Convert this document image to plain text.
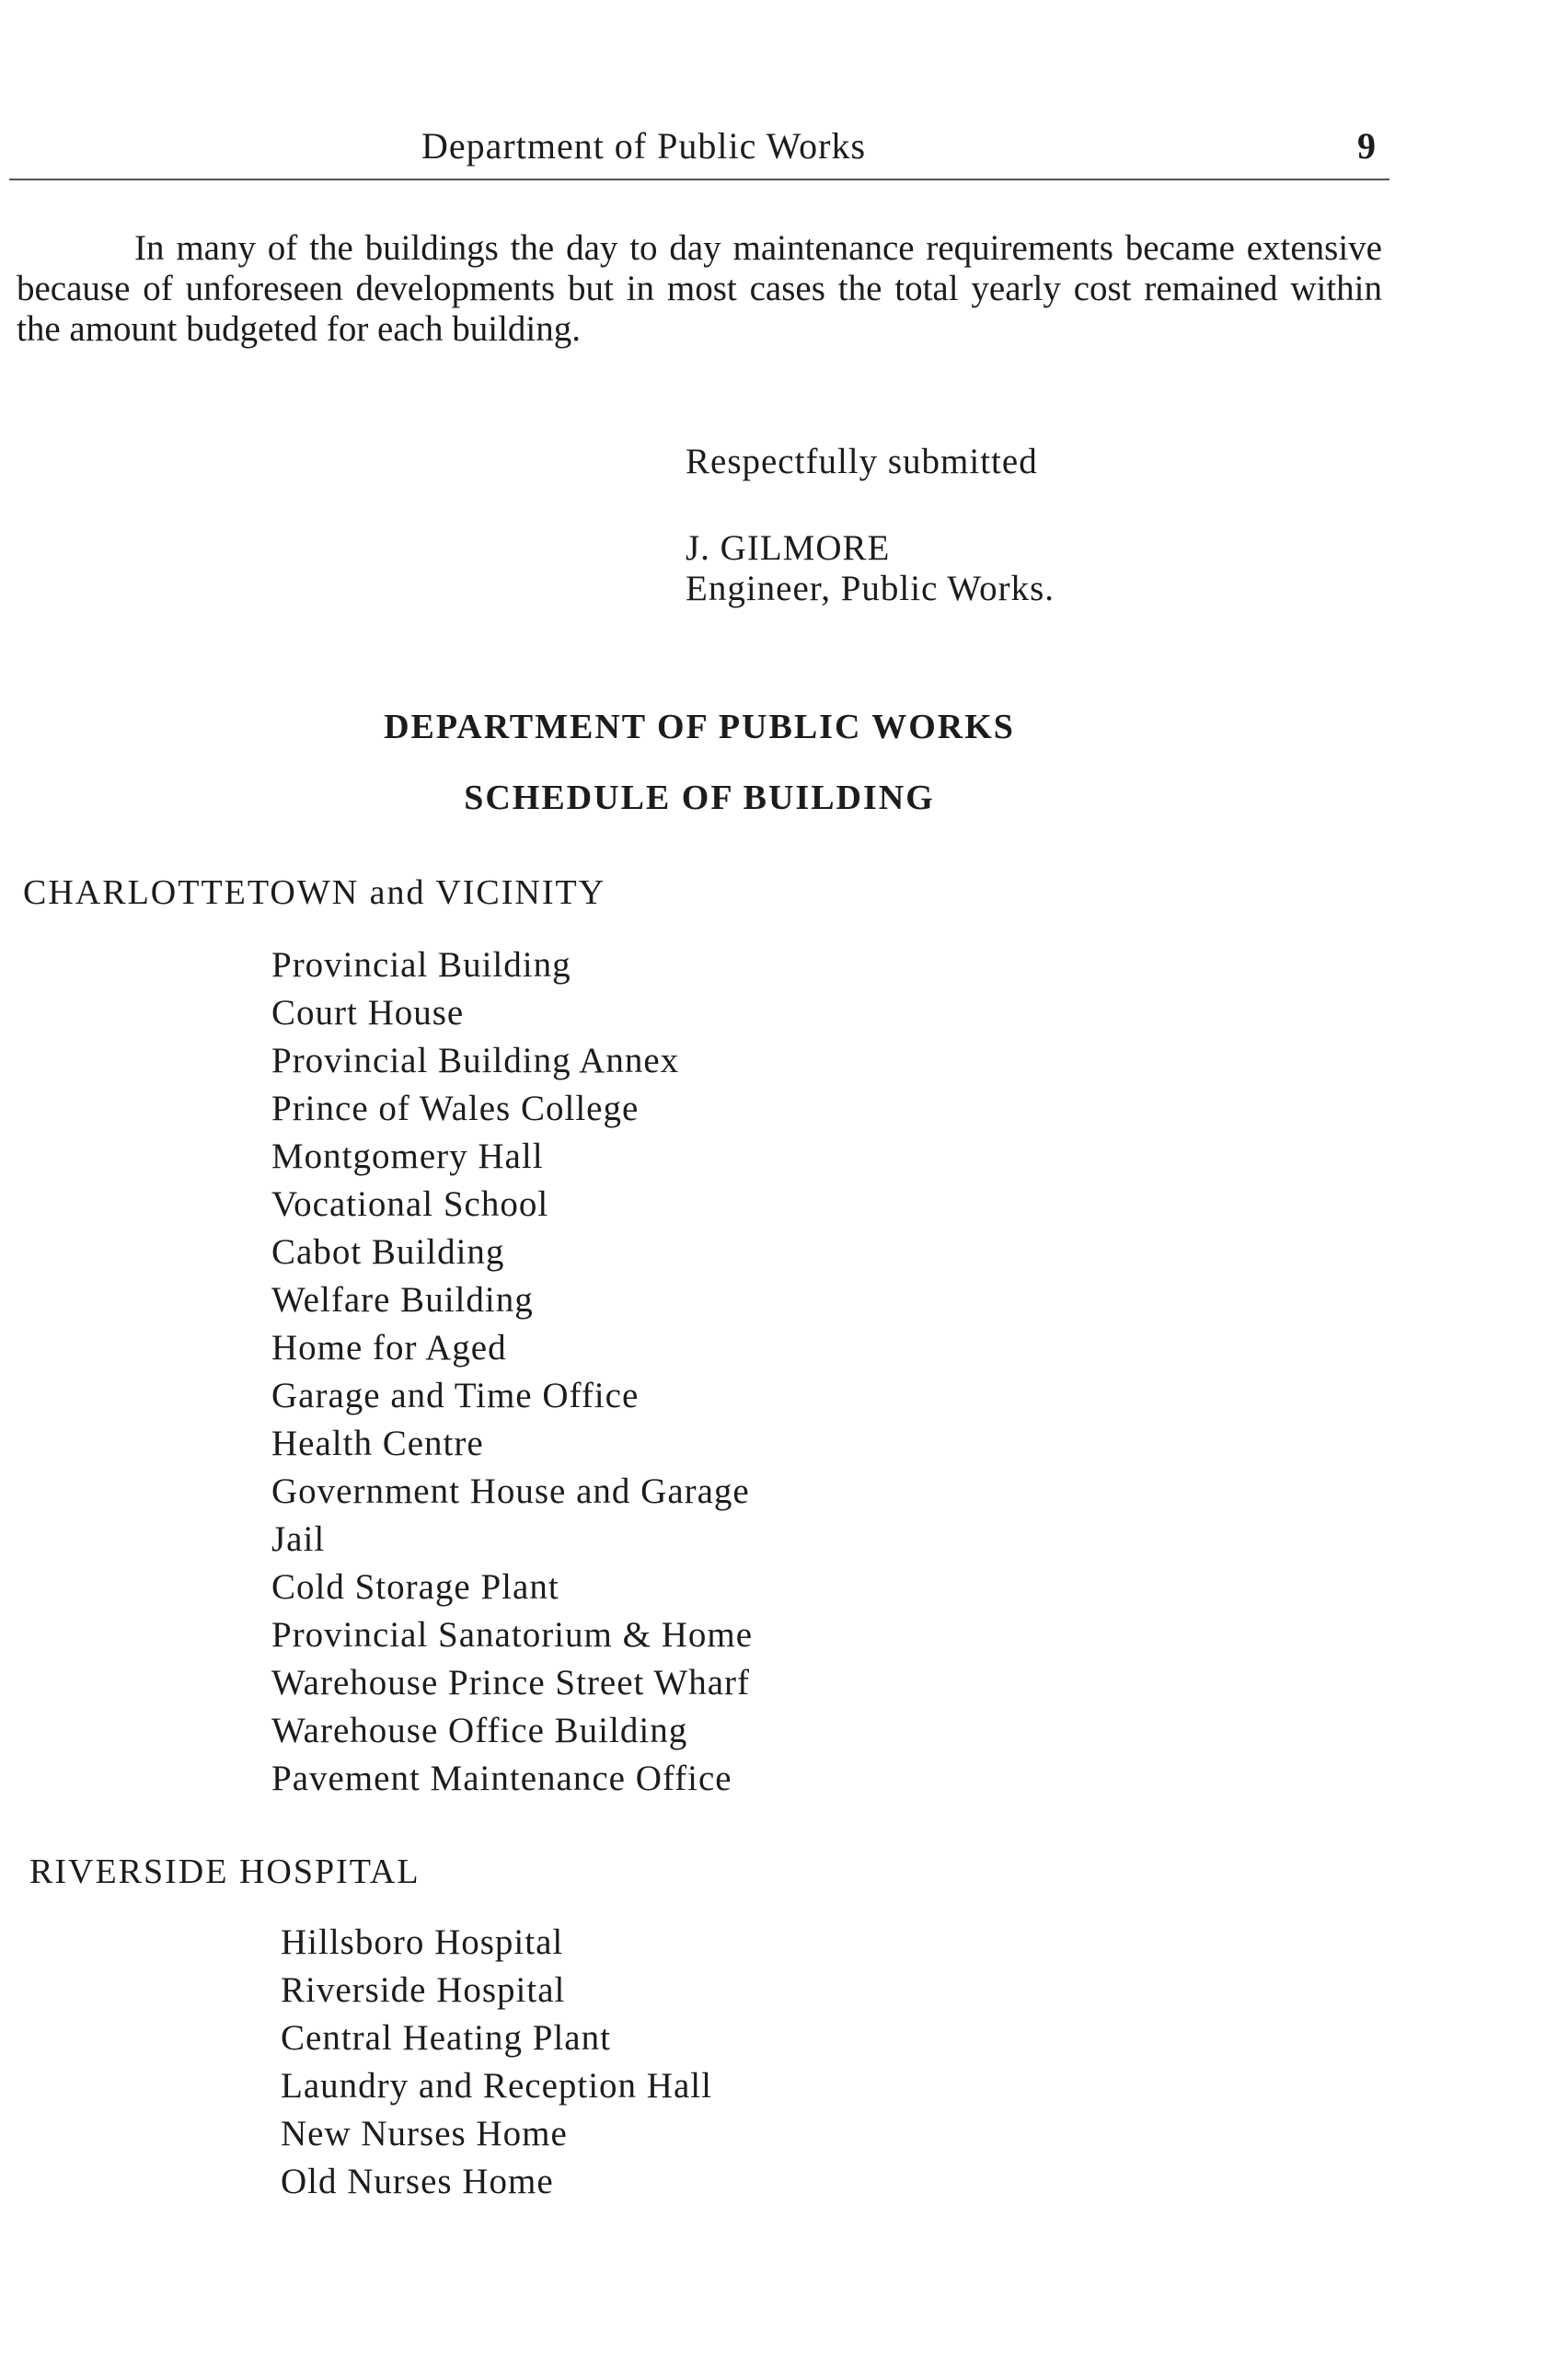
Department of Public Works	9

In many of the buildings the day to day maintenance requirements became extensive because of unforeseen developments but in most cases the total yearly cost remained within the amount budgeted for each building.

Respectfully submitted
J. GILMORE
Engineer, Public Works.
DEPARTMENT OF PUBLIC WORKS
SCHEDULE OF BUILDING
CHARLOTTETOWN and VICINITY
Provincial Building
Court House
Provincial Building Annex
Prince of Wales College
Montgomery Hall
Vocational School
Cabot Building
Welfare Building
Home for Aged
Garage and Time Office
Health Centre
Government House and Garage
Jail
Cold Storage Plant
Provincial Sanatorium & Home
Warehouse Prince Street Wharf
Warehouse Office Building
Pavement Maintenance Office
RIVERSIDE HOSPITAL
Hillsboro Hospital
Riverside Hospital
Central Heating Plant
Laundry and Reception Hall
New Nurses Home
Old Nurses Home
